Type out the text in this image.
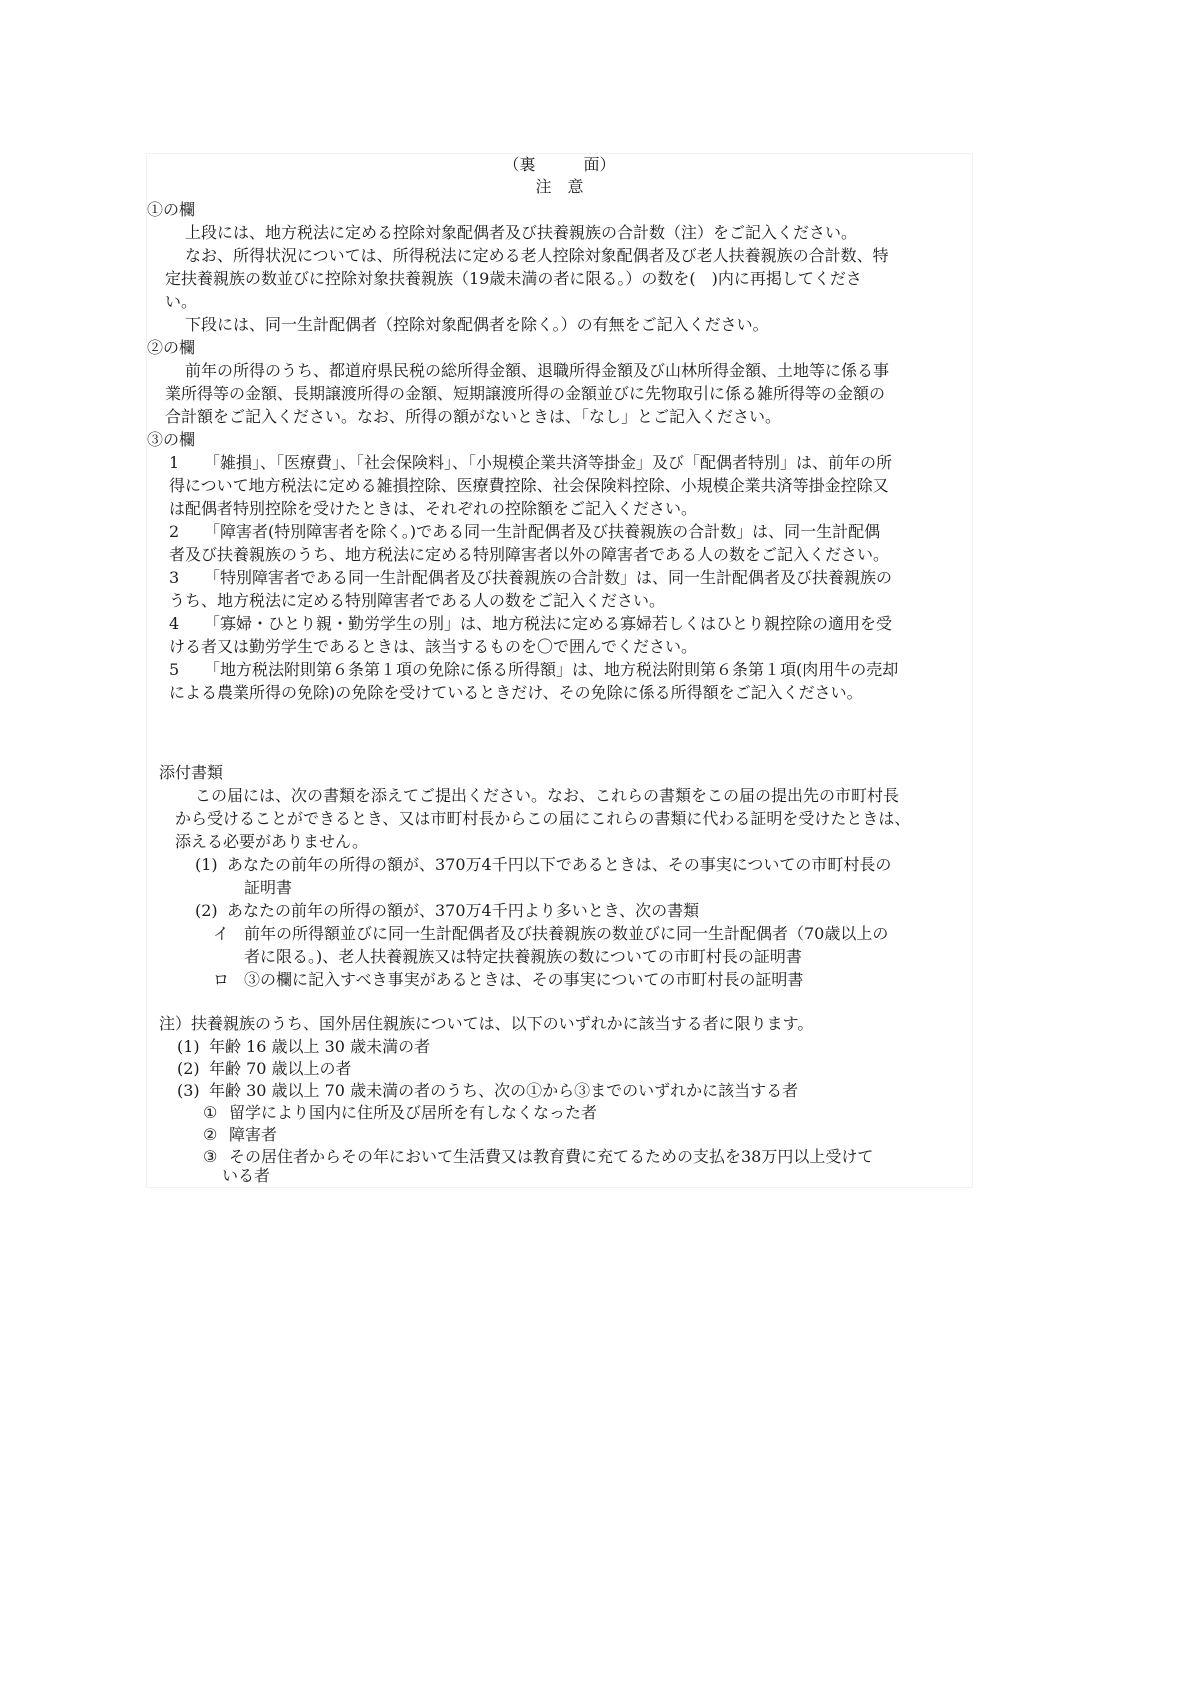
（裏　　　面）
注　意
①の欄
上段には、地方税法に定める控除対象配偶者及び扶養親族の合計数（注）をご記入ください。
なお、所得状況については、所得税法に定める老人控除対象配偶者及び老人扶養親族の合計数、特
定扶養親族の数並びに控除対象扶養親族（19歳未満の者に限る。）の数を(　)内に再掲してくださ
い。
下段には、同一生計配偶者（控除対象配偶者を除く。）の有無をご記入ください。
②の欄
前年の所得のうち、都道府県民税の総所得金額、退職所得金額及び山林所得金額、土地等に係る事
業所得等の金額、長期譲渡所得の金額、短期譲渡所得の金額並びに先物取引に係る雑所得等の金額の
合計額をご記入ください。なお、所得の額がないときは、「なし」とご記入ください。
③の欄
1 「雑損」、「医療費」、「社会保険料」、「小規模企業共済等掛金」及び「配偶者特別」は、前年の所
得について地方税法に定める雑損控除、医療費控除、社会保険料控除、小規模企業共済等掛金控除又
は配偶者特別控除を受けたときは、それぞれの控除額をご記入ください。
2 「障害者(特別障害者を除く。)である同一生計配偶者及び扶養親族の合計数」は、同一生計配偶
者及び扶養親族のうち、地方税法に定める特別障害者以外の障害者である人の数をご記入ください。
3 「特別障害者である同一生計配偶者及び扶養親族の合計数」は、同一生計配偶者及び扶養親族の
うち、地方税法に定める特別障害者である人の数をご記入ください。
4 「寡婦・ひとり親・勤労学生の別」は、地方税法に定める寡婦若しくはひとり親控除の適用を受
ける者又は勤労学生であるときは、該当するものを〇で囲んでください。
5 「地方税法附則第６条第１項の免除に係る所得額」は、地方税法附則第６条第１項(肉用牛の売却
による農業所得の免除)の免除を受けているときだけ、その免除に係る所得額をご記入ください。
添付書類
この届には、次の書類を添えてご提出ください。なお、これらの書類をこの届の提出先の市町村長
から受けることができるとき、又は市町村長からこの届にこれらの書類に代わる証明を受けたときは、
添える必要がありません。
(1) あなたの前年の所得の額が、370万4千円以下であるときは、その事実についての市町村長の
証明書
(2) あなたの前年の所得の額が、370万4千円より多いとき、次の書類
イ 前年の所得額並びに同一生計配偶者及び扶養親族の数並びに同一生計配偶者（70歳以上の
者に限る。)、老人扶養親族又は特定扶養親族の数についての市町村長の証明書
ロ ③の欄に記入すべき事実があるときは、その事実についての市町村長の証明書
注）扶養親族のうち、国外居住親族については、以下のいずれかに該当する者に限ります。
(1) 年齢 16 歳以上 30 歳未満の者
(2) 年齢 70 歳以上の者
(3) 年齢 30 歳以上 70 歳未満の者のうち、次の①から③までのいずれかに該当する者
① 留学により国内に住所及び居所を有しなくなった者
② 障害者
③ その居住者からその年において生活費又は教育費に充てるための支払を38万円以上受けて
いる者
